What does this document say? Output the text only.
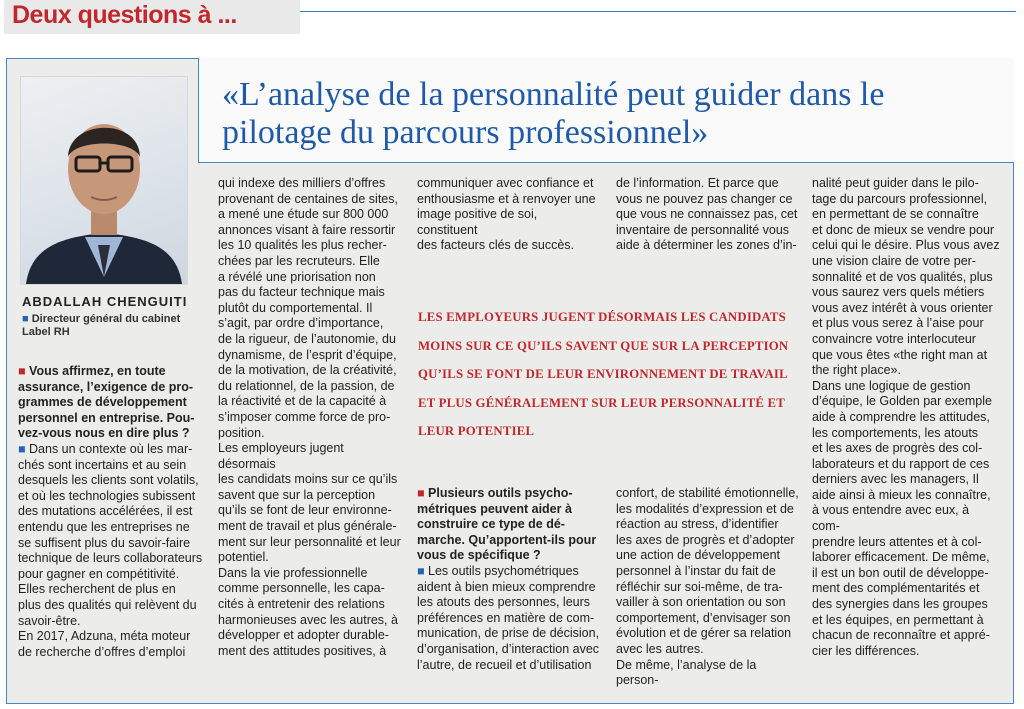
Deux questions à ...
«L’analyse de la personnalité peut guider dans le pilotage du parcours professionnel»
ABDALLAH CHENGUITI
■ Directeur général du cabinet
Label RH
■ Vous affirmez, en toute
assurance, l’exigence de pro-
grammes de développement
personnel en entreprise. Pou-
vez-vous nous en dire plus ?
■ Dans un contexte où les mar-
chés sont incertains et au sein
desquels les clients sont volatils,
et où les technologies subissent
des mutations accélérées, il est
entendu que les entreprises ne
se suffisent plus du savoir-faire
technique de leurs collaborateurs
pour gagner en compétitivité.
Elles recherchent de plus en
plus des qualités qui relèvent du
savoir-être.
En 2017, Adzuna, méta moteur
de recherche d’offres d’emploi
qui indexe des milliers d’offres
provenant de centaines de sites,
a mené une étude sur 800 000
annonces visant à faire ressortir
les 10 qualités les plus recher-
chées par les recruteurs. Elle
a révélé une priorisation non
pas du facteur technique mais
plutôt du comportemental. Il
s’agit, par ordre d’importance,
de la rigueur, de l’autonomie, du
dynamisme, de l’esprit d’équipe,
de la motivation, de la créativité,
du relationnel, de la passion, de
la réactivité et de la capacité à
s’imposer comme force de pro-
position.
Les employeurs jugent désormais
les candidats moins sur ce qu’ils
savent que sur la perception
qu’ils se font de leur environne-
ment de travail et plus générale-
ment sur leur personnalité et leur
potentiel.
Dans la vie professionnelle
comme personnelle, les capa-
cités à entretenir des relations
harmonieuses avec les autres, à
développer et adopter durable-
ment des attitudes positives, à
communiquer avec confiance et
enthousiasme et à renvoyer une
image positive de soi, constituent
des facteurs clés de succès.
de l’information. Et parce que
vous ne pouvez pas changer ce
que vous ne connaissez pas, cet
inventaire de personnalité vous
aide à déterminer les zones d’in-
LES EMPLOYEURS JUGENT DÉSORMAIS LES CANDIDATS
MOINS SUR CE QU’ILS SAVENT QUE SUR LA PERCEPTION
QU’ILS SE FONT DE LEUR ENVIRONNEMENT DE TRAVAIL
ET PLUS GÉNÉRALEMENT SUR LEUR PERSONNALITÉ ET
LEUR POTENTIEL
■ Plusieurs outils psycho-
métriques peuvent aider à
construire ce type de dé-
marche. Qu’apportent-ils pour
vous de spécifique ?
■ Les outils psychométriques
aident à bien mieux comprendre
les atouts des personnes, leurs
préférences en matière de com-
munication, de prise de décision,
d’organisation, d’interaction avec
l’autre, de recueil et d’utilisation
confort, de stabilité émotionnelle,
les modalités d’expression et de
réaction au stress, d’identifier
les axes de progrès et d’adopter
une action de développement
personnel à l’instar du fait de
réfléchir sur soi-même, de tra-
vailler à son orientation ou son
comportement, d’envisager son
évolution et de gérer sa relation
avec les autres.
De même, l’analyse de la person-
nalité peut guider dans le pilo-
tage du parcours professionnel,
en permettant de se connaître
et donc de mieux se vendre pour
celui qui le désire. Plus vous avez
une vision claire de votre per-
sonnalité et de vos qualités, plus
vous saurez vers quels métiers
vous avez intérêt à vous orienter
et plus vous serez à l’aise pour
convaincre votre interlocuteur
que vous êtes «the right man at
the right place».
Dans une logique de gestion
d’équipe, le Golden par exemple
aide à comprendre les attitudes,
les comportements, les atouts
et les axes de progrès des col-
laborateurs et du rapport de ces
derniers avec les managers, Il
aide ainsi à mieux les connaître,
à vous entendre avec eux, à com-
prendre leurs attentes et à col-
laborer efficacement. De même,
il est un bon outil de développe-
ment des complémentarités et
des synergies dans les groupes
et les équipes, en permettant à
chacun de reconnaître et appré-
cier les différences.
